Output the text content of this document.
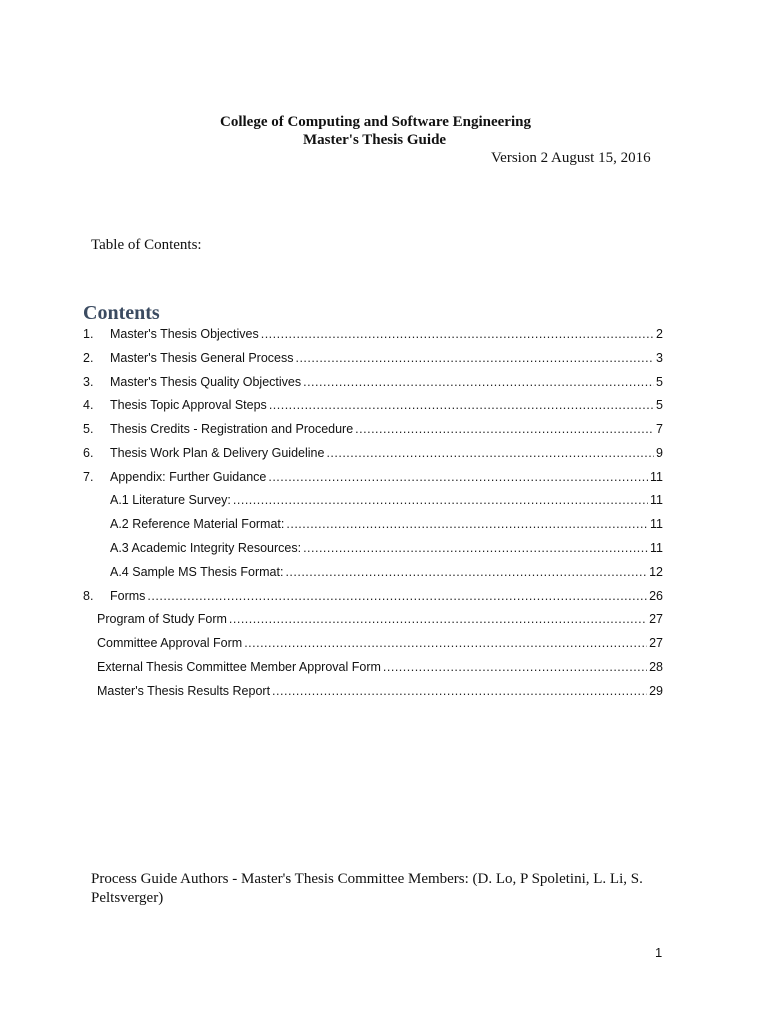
College of Computing and Software Engineering
Master's Thesis Guide
Version 2 August 15, 2016
Table of Contents:
Contents
1.	Master's Thesis Objectives .....	2
2.	Master's Thesis General Process .....	3
3.	Master's Thesis Quality Objectives .....	5
4.	Thesis Topic Approval Steps .....	5
5.	Thesis Credits - Registration and Procedure .....	7
6.	Thesis Work Plan & Delivery Guideline .....	9
7.	Appendix: Further Guidance .....	11
A.1 Literature Survey: .....	11
A.2 Reference Material Format: .....	11
A.3 Academic Integrity Resources: .....	11
A.4 Sample MS Thesis Format: .....	12
8.	Forms .....	26
Program of Study Form .....	27
Committee Approval Form .....	27
External Thesis Committee Member Approval Form .....	28
Master's Thesis Results Report .....	29
Process Guide Authors - Master's Thesis Committee Members: (D. Lo, P Spoletini, L. Li, S. Peltsverger)
1
